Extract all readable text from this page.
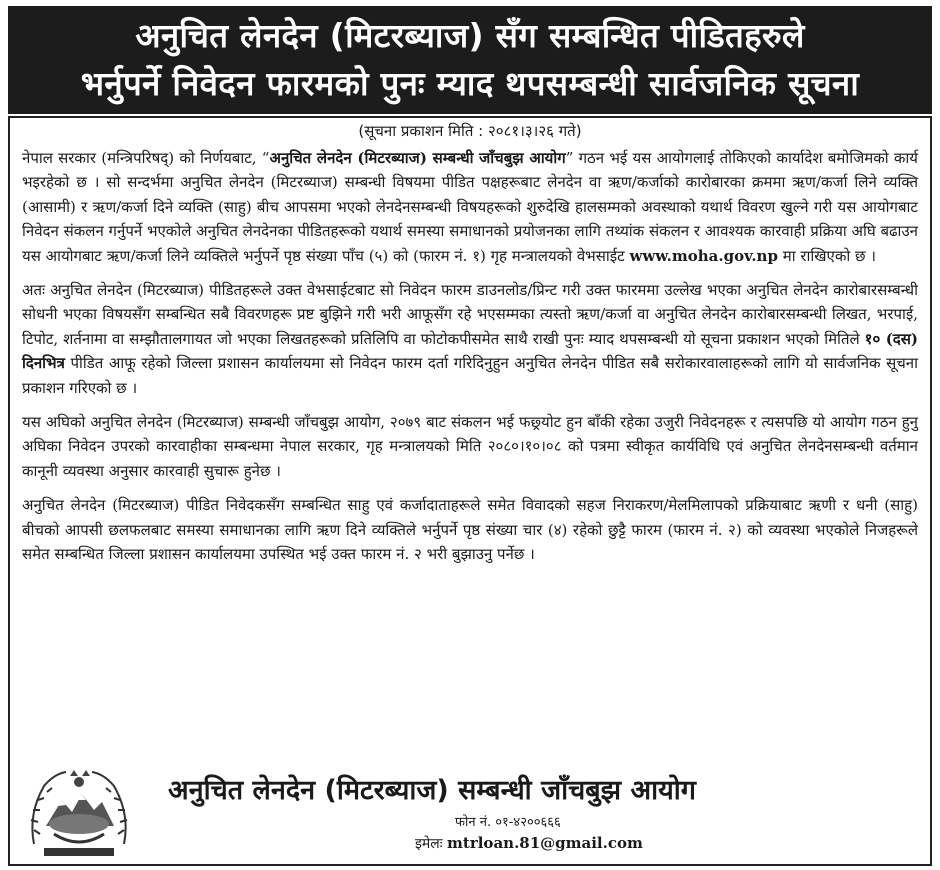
अनुचित लेनदेन (मिटरब्याज) सँग सम्बन्धित पीडितहरुले
भर्नुपर्ने निवेदन फारमको पुनः म्याद थपसम्बन्धी सार्वजनिक सूचना
(सूचना प्रकाशन मिति : २०८१।३।२६ गते)

नेपाल सरकार (मन्त्रिपरिषद्) को निर्णयबाट, “अनुचित लेनदेन (मिटरब्याज) सम्बन्धी जाँचबुझ आयोग” गठन भई यस आयोगलाई तोकिएको कार्यादेश बमोजिमको कार्य भइरहेको छ । सो सन्दर्भमा अनुचित लेनदेन (मिटरब्याज) सम्बन्धी विषयमा पीडित पक्षहरूबाट लेनदेन वा ऋण/कर्जाको कारोबारका क्रममा ऋण/कर्जा लिने व्यक्ति (आसामी) र ऋण/कर्जा दिने व्यक्ति (साहु) बीच आपसमा भएको लेनदेनसम्बन्धी विषयहरूको शुरुदेखि हालसम्मको अवस्थाको यथार्थ विवरण खुल्ने गरी यस आयोगबाट निवेदन संकलन गर्नुपर्ने भएकोले अनुचित लेनदेनका पीडितहरूको यथार्थ समस्या समाधानको प्रयोजनका लागि तथ्यांक संकलन र आवश्यक कारवाही प्रक्रिया अघि बढाउन यस आयोगबाट ऋण/कर्जा लिने व्यक्तिले भर्नुपर्ने पृष्ठ संख्या पाँच (५) को (फारम नं. १) गृह मन्त्रालयको वेभसाईट www.moha.gov.np मा राखिएको छ ।

अतः अनुचित लेनदेन (मिटरब्याज) पीडितहरूले उक्त वेभसाईटबाट सो निवेदन फारम डाउनलोड/प्रिन्ट गरी उक्त फारममा उल्लेख भएका अनुचित लेनदेन कारोबारसम्बन्धी सोधनी भएका विषयसँग सम्बन्धित सबै विवरणहरू प्रष्ट बुझिने गरी भरी आफूसँग रहे भएसम्मका त्यस्तो ऋण/कर्जा वा अनुचित लेनदेन कारोबारसम्बन्धी लिखत, भरपाई, टिपोट, शर्तनामा वा सम्झौतालगायत जो भएका लिखतहरूको प्रतिलिपि वा फोटोकपीसमेत साथै राखी पुनः म्याद थपसम्बन्धी यो सूचना प्रकाशन भएको मितिले १० (दस) दिनभित्र पीडित आफू रहेको जिल्ला प्रशासन कार्यालयमा सो निवेदन फारम दर्ता गरिदिनुहुन अनुचित लेनदेन पीडित सबै सरोकारवालाहरूको लागि यो सार्वजनिक सूचना प्रकाशन गरिएको छ ।

यस अघिको अनुचित लेनदेन (मिटरब्याज) सम्बन्धी जाँचबुझ आयोग, २०७९ बाट संकलन भई फछ्र्योट हुन बाँकी रहेका उजुरी निवेदनहरू र त्यसपछि यो आयोग गठन हुनु अघिका निवेदन उपरको कारवाहीका सम्बन्धमा नेपाल सरकार, गृह मन्त्रालयको मिति २०८०।१०।०८ को पत्रमा स्वीकृत कार्यविधि एवं अनुचित लेनदेनसम्बन्धी वर्तमान कानूनी व्यवस्था अनुसार कारवाही सुचारू हुनेछ ।

अनुचित लेनदेन (मिटरब्याज) पीडित निवेदकसँग सम्बन्धित साहु एवं कर्जादाताहरूले समेत विवादको सहज निराकरण/मेलमिलापको प्रक्रियाबाट ऋणी र धनी (साहु) बीचको आपसी छलफलबाट समस्या समाधानका लागि ऋण दिने व्यक्तिले भर्नुपर्ने पृष्ठ संख्या चार (४) रहेको छुट्टै फारम (फारम नं. २) को व्यवस्था भएकोले निजहरूले समेत सम्बन्धित जिल्ला प्रशासन कार्यालयमा उपस्थित भई उक्त फारम नं. २ भरी बुझाउनु पर्नेछ ।

अनुचित लेनदेन (मिटरब्याज) सम्बन्धी जाँचबुझ आयोग
फोन नं. ०१-४२००६६६
इमेलः mtrloan.81@gmail.com
